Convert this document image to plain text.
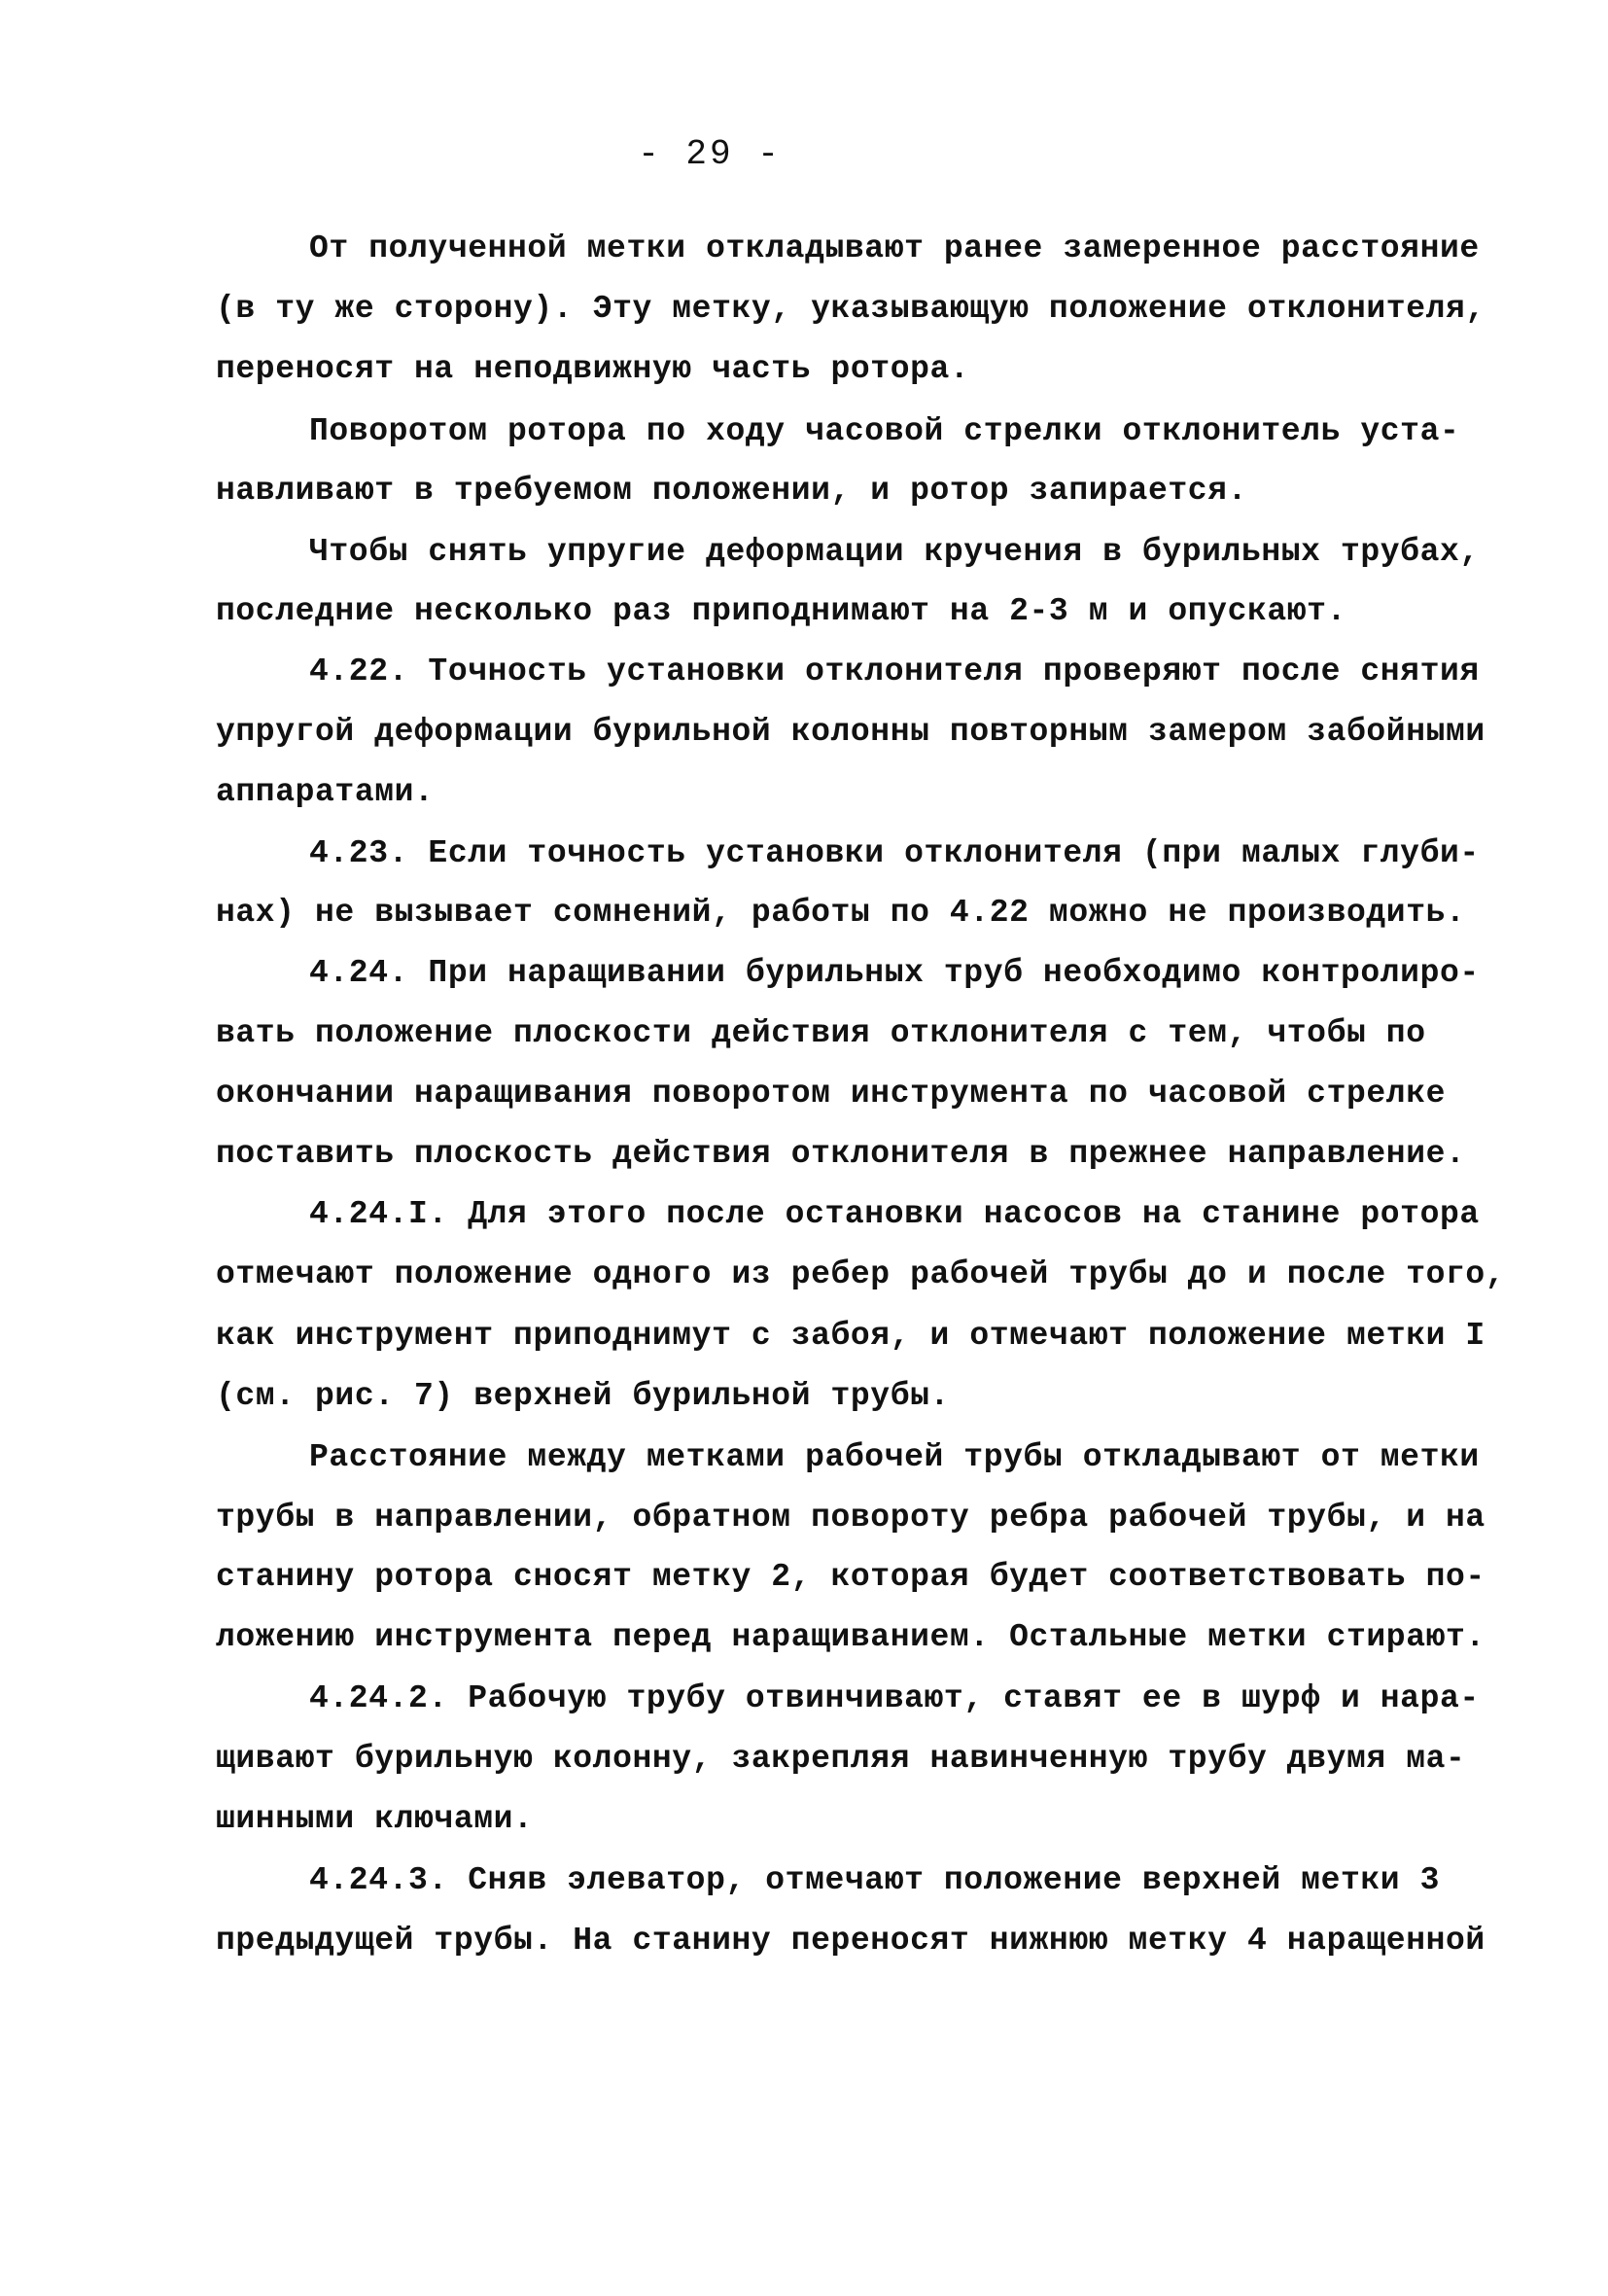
- 29 -
От полученной метки откладывают ранее замеренное расстояние
(в ту же сторону). Эту метку, указывающую положение отклонителя,
переносят на неподвижную часть ротора.
Поворотом ротора по ходу часовой стрелки отклонитель уста-
навливают в требуемом положении, и ротор запирается.
Чтобы снять упругие деформации кручения в бурильных трубах,
последние несколько раз приподнимают на 2-3 м и опускают.
4.22. Точность установки отклонителя проверяют после снятия
упругой деформации бурильной колонны повторным замером забойными
аппаратами.
4.23. Если точность установки отклонителя (при малых глуби-
нах) не вызывает сомнений, работы по 4.22 можно не производить.
4.24. При наращивании бурильных труб необходимо контролиро-
вать положение плоскости действия отклонителя с тем, чтобы по
окончании наращивания поворотом инструмента по часовой стрелке
поставить плоскость действия отклонителя в прежнее направление.
4.24.I. Для этого после остановки насосов на станине ротора
отмечают положение одного из ребер рабочей трубы до и после того,
как инструмент приподнимут с забоя, и отмечают положение метки I
(см. рис. 7) верхней бурильной трубы.
Расстояние между метками рабочей трубы откладывают от метки
трубы в направлении, обратном повороту ребра рабочей трубы, и на
станину ротора сносят метку 2, которая будет соответствовать по-
ложению инструмента перед наращиванием. Остальные метки стирают.
4.24.2. Рабочую трубу отвинчивают, ставят ее в шурф и нара-
щивают бурильную колонну, закрепляя навинченную трубу двумя ма-
шинными ключами.
4.24.3. Сняв элеватор, отмечают положение верхней метки 3
предыдущей трубы. На станину переносят нижнюю метку 4 наращенной
